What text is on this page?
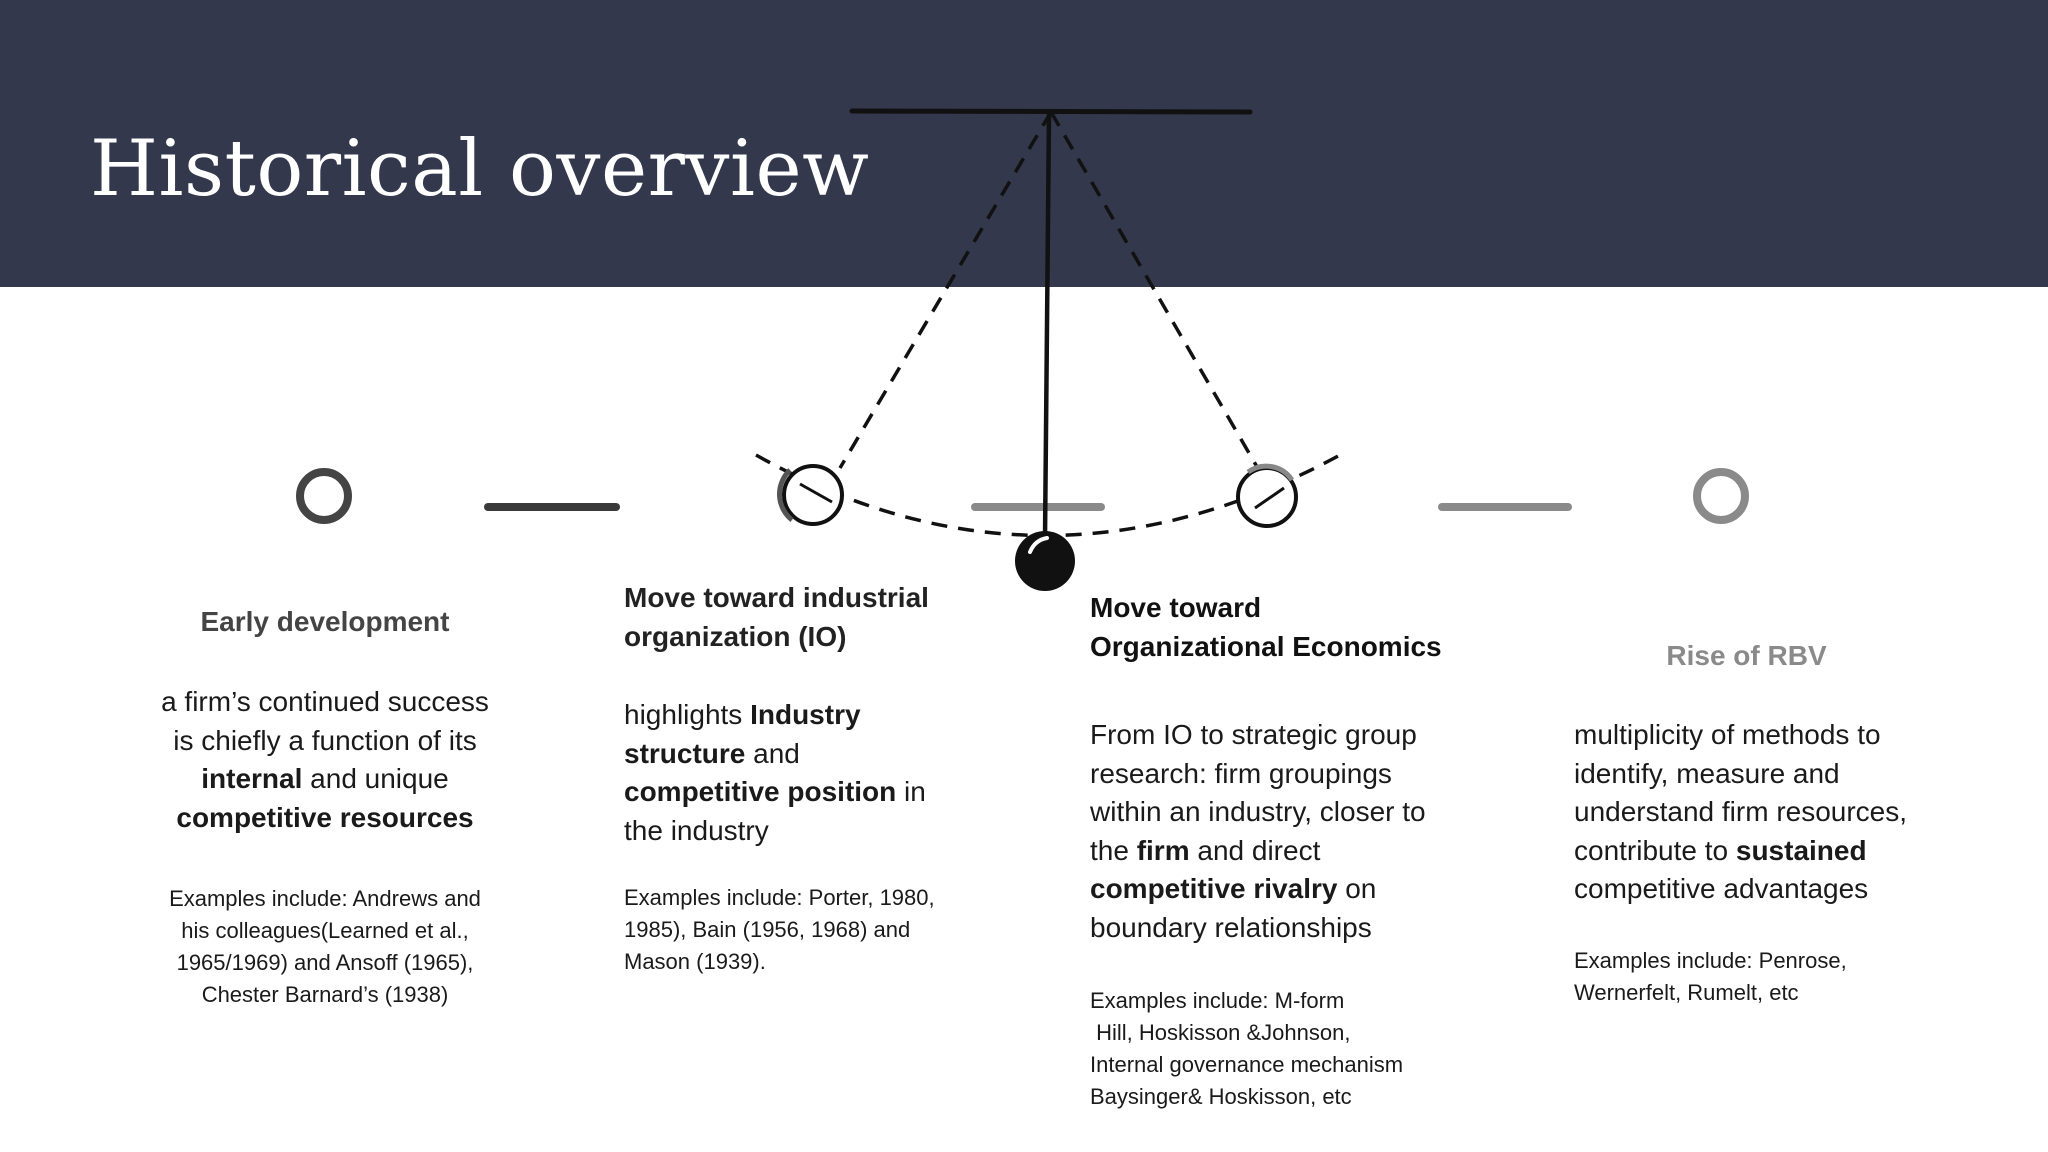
Historical overview
Early development
a firm’s continued success
is chiefly a function of its
internal and unique
competitive resources
Examples include: Andrews and
his colleagues(Learned et al.,
1965/1969) and Ansoff (1965),
Chester Barnard’s (1938)
Move toward industrial
organization (IO)
highlights Industry
structure and
competitive position in
the industry
Examples include: Porter, 1980,
1985), Bain (1956, 1968) and
Mason (1939).
Move toward
Organizational Economics
From IO to strategic group
research: firm groupings
within an industry, closer to
the firm and direct
competitive rivalry on
boundary relationships
Examples include: M-form
Hill, Hoskisson &Johnson,
Internal governance mechanism
Baysinger& Hoskisson, etc
Rise of RBV
multiplicity of methods to
identify, measure and
understand firm resources,
contribute to sustained
competitive advantages
Examples include: Penrose,
Wernerfelt, Rumelt, etc
